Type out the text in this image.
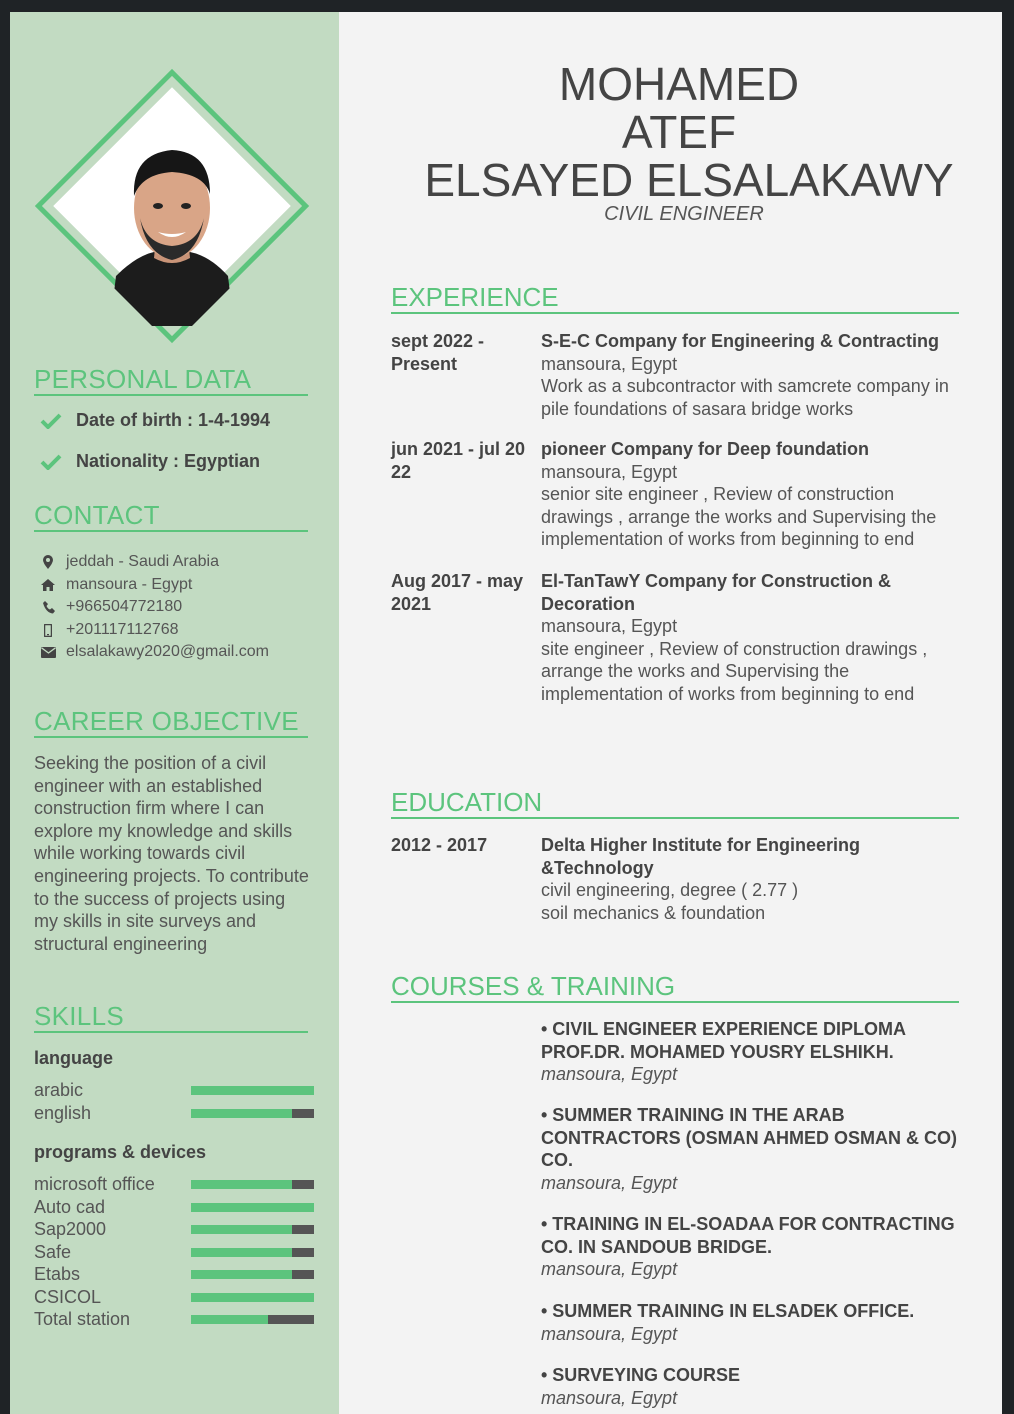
PERSONAL DATA
Date of birth : 1-4-1994
Nationality : Egyptian
CONTACT
jeddah - Saudi Arabia
mansoura - Egypt
+966504772180
+201117112768
elsalakawy2020@gmail.com
CAREER OBJECTIVE
Seeking the position of a civil engineer with an established construction firm where I can explore my knowledge and skills while working towards civil engineering projects. To contribute to the success of projects using my skills in site surveys and structural engineering
SKILLS
language
arabic
english
programs & devices
microsoft office
Auto cad
Sap2000
Safe
Etabs
CSICOL
Total station
MOHAMED
ATEF
ELSAYED ELSALAKAWY
CIVIL ENGINEER
EXPERIENCE
sept 2022 -
Present
S-E-C Company for Engineering & Contracting
mansoura, Egypt
Work as a subcontractor with samcrete company in pile foundations of sasara bridge works
jun 2021 - jul 20
22
pioneer Company for Deep foundation
mansoura, Egypt
senior site engineer , Review of construction drawings , arrange the works and Supervising the implementation of works from beginning to end
Aug 2017 - may
2021
El-TanTawY Company for Construction & Decoration
mansoura, Egypt
site engineer , Review of construction drawings , arrange the works and Supervising the implementation of works from beginning to end
EDUCATION
2012 - 2017	Delta Higher Institute for Engineering &Technology
civil engineering, degree ( 2.77 )
soil mechanics & foundation
COURSES & TRAINING
• CIVIL ENGINEER EXPERIENCE DIPLOMA PROF.DR. MOHAMED YOUSRY ELSHIKH.
mansoura, Egypt
• SUMMER TRAINING IN THE ARAB CONTRACTORS (OSMAN AHMED OSMAN & CO) CO.
mansoura, Egypt
• TRAINING IN EL-SOADAA FOR CONTRACTING CO. IN SANDOUB BRIDGE.
mansoura, Egypt
• SUMMER TRAINING IN ELSADEK OFFICE.
mansoura, Egypt
• SURVEYING COURSE
mansoura, Egypt
